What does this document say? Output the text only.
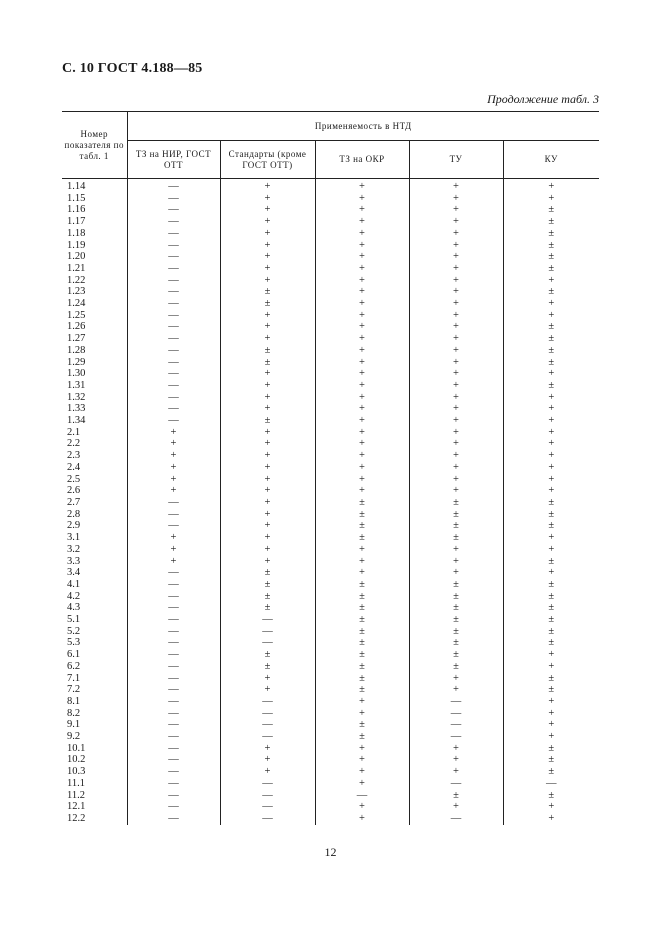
С. 10 ГОСТ 4.188—85
Продолжение табл. 3
Номер показателя по табл. 1	Применяемость в НТД				
	ТЗ на НИР, ГОСТ ОТТ	Стандарты (кроме ГОСТ ОТТ)	ТЗ на ОКР	ТУ	КУ
1.14	—	+	+	+	+
1.15	—	+	+	+	+
1.16	—	+	+	+	±
1.17	—	+	+	+	±
1.18	—	+	+	+	±
1.19	—	+	+	+	±
1.20	—	+	+	+	±
1.21	—	+	+	+	±
1.22	—	+	+	+	+
1.23	—	±	+	+	±
1.24	—	±	+	+	+
1.25	—	+	+	+	+
1.26	—	+	+	+	±
1.27	—	+	+	+	±
1.28	—	±	+	+	±
1.29	—	±	+	+	±
1.30	—	+	+	+	+
1.31	—	+	+	+	±
1.32	—	+	+	+	+
1.33	—	+	+	+	+
1.34	—	±	+	+	+
2.1	+	+	+	+	+
2.2	+	+	+	+	+
2.3	+	+	+	+	+
2.4	+	+	+	+	+
2.5	+	+	+	+	+
2.6	+	+	+	+	+
2.7	—	+	±	±	±
2.8	—	+	±	±	±
2.9	—	+	±	±	±
3.1	+	+	±	±	+
3.2	+	+	+	+	+
3.3	+	+	+	+	±
3.4	—	±	+	+	+
4.1	—	±	±	±	±
4.2	—	±	±	±	±
4.3	—	±	±	±	±
5.1	—	—	±	±	±
5.2	—	—	±	±	±
5.3	—	—	±	±	±
6.1	—	±	±	±	+
6.2	—	±	±	±	+
7.1	—	+	±	+	±
7.2	—	+	±	+	±
8.1	—	—	+	—	+
8.2	—	—	+	—	+
9.1	—	—	±	—	+
9.2	—	—	±	—	+
10.1	—	+	+	+	±
10.2	—	+	+	+	±
10.3	—	+	+	+	±
11.1	—	—	+	—	—
11.2	—	—	—	±	±
12.1	—	—	+	+	+
12.2	—	—	+	—	+
12
